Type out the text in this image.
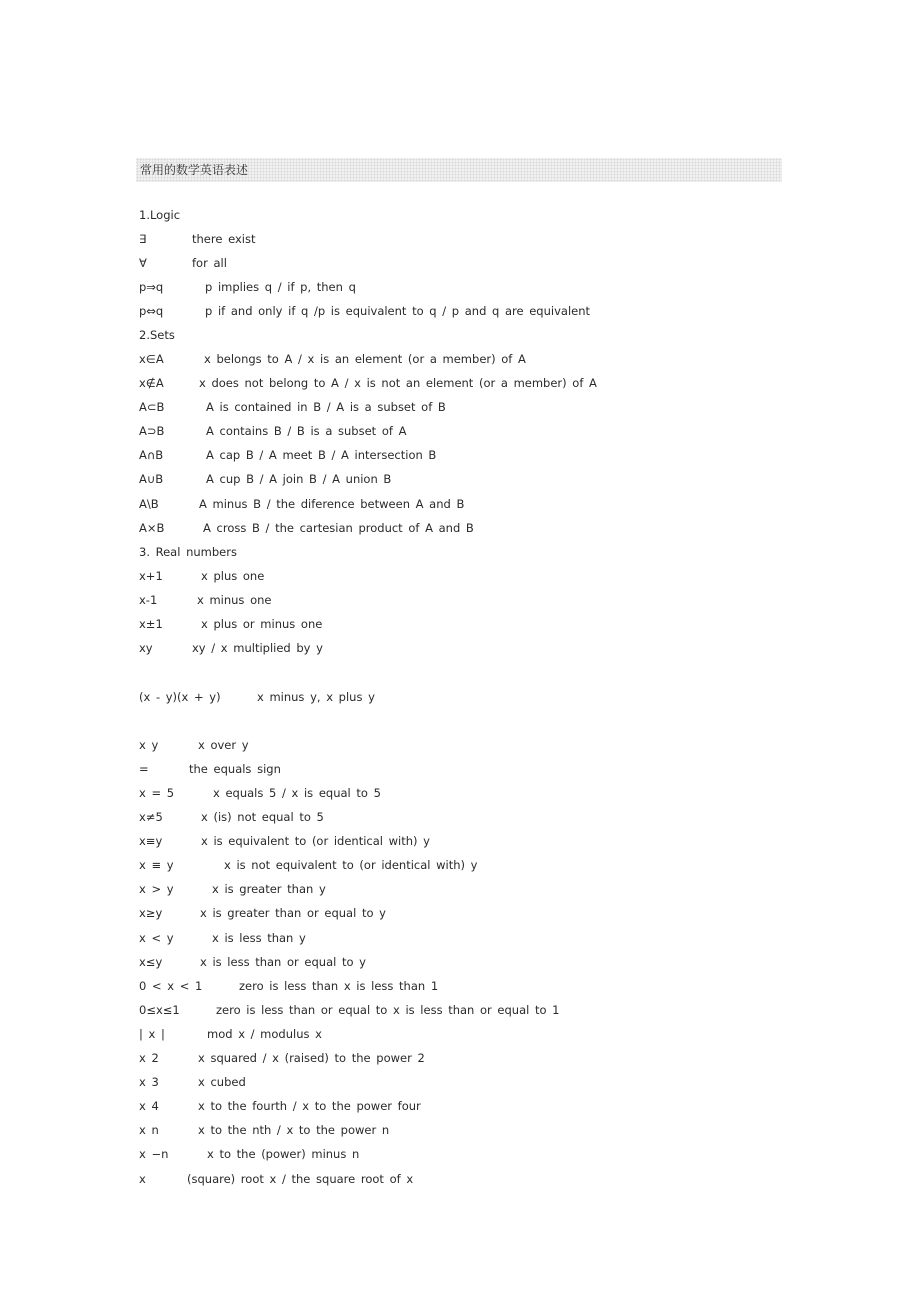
常用的数学英语表述
1.Logic
∃	there exist
∀	for all
p⇒q	p implies q / if p, then q
p⇔q	p if and only if q /p is equivalent to q / p and q are equivalent
2.Sets
x∈A	x belongs to A / x is an element (or a member) of A
x∉A	x does not belong to A / x is not an element (or a member) of A
A⊂B	A is contained in B / A is a subset of B
A⊃B	A contains B / B is a subset of A
A∩B	A cap B / A meet B / A intersection B
A∪B	A cup B / A join B / A union B
A\B	A minus B / the diference between A and B
A×B	A cross B / the cartesian product of A and B
3. Real numbers
x+1	x plus one
x-1	x minus one
x±1	x plus or minus one
xy	xy / x multiplied by y
(x - y)(x + y)	x minus y, x plus y
x y	x over y
=	the equals sign
x = 5	x equals 5 / x is equal to 5
x≠5	x (is) not equal to 5
x≡y	x is equivalent to (or identical with) y
x ≡ y	x is not equivalent to (or identical with) y
x > y	x is greater than y
x≥y	x is greater than or equal to y
x < y	x is less than y
x≤y	x is less than or equal to y
0 < x < 1	zero is less than x is less than 1
0≤x≤1	zero is less than or equal to x is less than or equal to 1
| x |	mod x / modulus x
x 2	x squared / x (raised) to the power 2
x 3	x cubed
x 4	x to the fourth / x to the power four
x n	x to the nth / x to the power n
x −n	x to the (power) minus n
x	(square) root x / the square root of x
